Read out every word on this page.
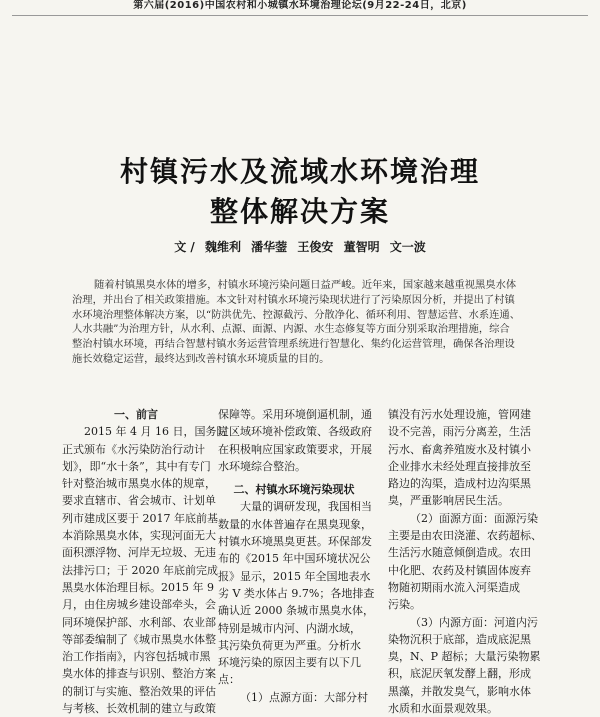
第六届(2016)中国农村和小城镇水环境治理论坛(9月22-24日，北京)
村镇污水及流域水环境治理
整体解决方案
文 / 魏维利 潘华蓥 王俊安 董智明 文一波

随着村镇黑臭水体的增多，村镇水环境污染问题日益严峻。近年来，国家越来越重视黑臭水体

治理，并出台了相关政策措施。本文针对村镇水环境污染现状进行了污染原因分析，并提出了村镇

水环境治理整体解决方案，以“防洪优先、控源截污、分散净化、循环利用、智慧运营、水系连通、

人水共融”为治理方针，从水利、点源、面源、内源、水生态修复等方面分别采取治理措施，综合

整治村镇水环境，再结合智慧村镇水务运营管理系统进行智慧化、集约化运营管理，确保各治理设

施长效稳定运营，最终达到改善村镇水环境质量的目的。

一、前言

2015 年 4 月 16 日，国务院

正式颁布《水污染防治行动计

划》，即“水十条”，其中有专门

针对整治城市黑臭水体的规章，

要求直辖市、省会城市、计划单

列市建成区要于 2017 年底前基

本消除黑臭水体，实现河面无大

面积漂浮物、河岸无垃圾、无违

法排污口；于 2020 年底前完成

黑臭水体治理目标。2015 年 9

月，由住房城乡建设部牵头，会

同环境保护部、水利部、农业部

等部委编制了《城市黑臭水体整

治工作指南》，内容包括城市黑

臭水体的排查与识别、整治方案

的制订与实施、整治效果的评估

与考核、长效机制的建立与政策

保障等。采用环境倒逼机制，通

过区域环境补偿政策、各级政府

在积极响应国家政策要求，开展

水环境综合整治。

二、村镇水环境污染现状

大量的调研发现，我国相当

数量的水体普遍存在黑臭现象，

村镇水环境黑臭更甚。环保部发

布的《2015 年中国环境状况公

报》显示，2015 年全国地表水

劣 V 类水体占 9.7%；各地排查

确认近 2000 条城市黑臭水体，

特别是城市内河、内湖水域，

其污染负荷更为严重。分析水

环境污染的原因主要有以下几

点：

（1）点源方面：大部分村

镇没有污水处理设施，管网建

设不完善，雨污分离差，生活

污水、畜禽养殖废水及村镇小

企业排水未经处理直接排放至

路边的沟渠，造成村边沟渠黑

臭，严重影响居民生活。

（2）面源方面：面源污染

主要是由农田浇灌、农药超标、

生活污水随意倾倒造成。农田

中化肥、农药及村镇固体废弃

物随初期雨水流入河渠造成

污染。

（3）内源方面：河道内污

染物沉积于底部，造成底泥黑

臭，N、P 超标；大量污染物累

积，底泥厌氧发酵上翻，形成

黑藻，并散发臭气，影响水体

水质和水面景观效果。
